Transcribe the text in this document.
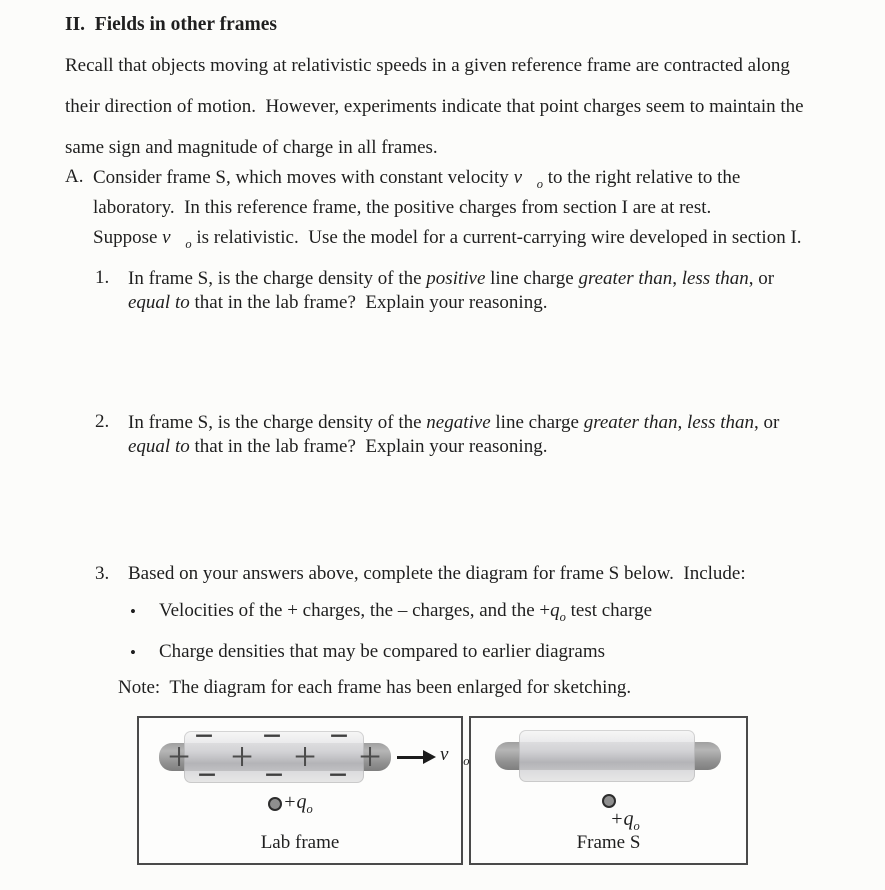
II.  Fields in other frames
Recall that objects moving at relativistic speeds in a given reference frame are contracted along
their direction of motion.  However, experiments indicate that point charges seem to maintain the
same sign and magnitude of charge in all frames.
A. Consider frame S, which moves with constant velocity $v⃗_o$ to the right relative to the
laboratory.  In this reference frame, the positive charges from section I are at rest.
Suppose $v⃗_o$ is relativistic.  Use the model for a current-carrying wire developed in section I.
1. In frame S, is the charge density of the positive line charge greater than, less than, or
equal to that in the lab frame?  Explain your reasoning.
2. In frame S, is the charge density of the negative line charge greater than, less than, or
equal to that in the lab frame?  Explain your reasoning.
3. Based on your answers above, complete the diagram for frame S below.  Include:
• Velocities of the + charges, the – charges, and the $+q_o$ test charge
• Charge densities that may be compared to earlier diagrams
Note:  The diagram for each frame has been enlarged for sketching.
+ + + +
− − −
− − −
$v⃗_o$
$+q_o$
Lab frame
$+q_o$
Frame S
